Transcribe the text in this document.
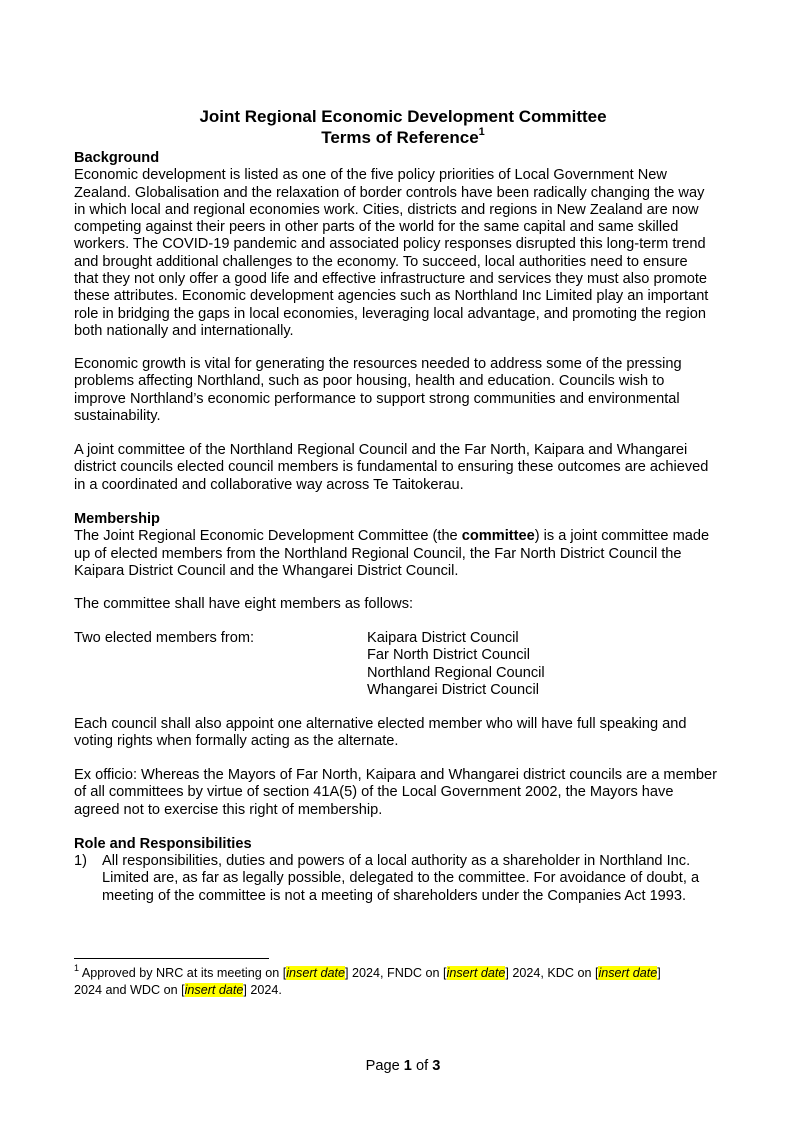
Joint Regional Economic Development Committee
Terms of Reference$^1$

Background

Economic development is listed as one of the five policy priorities of Local Government New

Zealand. Globalisation and the relaxation of border controls have been radically changing the way

in which local and regional economies work. Cities, districts and regions in New Zealand are now

competing against their peers in other parts of the world for the same capital and same skilled

workers. The COVID-19 pandemic and associated policy responses disrupted this long-term trend

and brought additional challenges to the economy. To succeed, local authorities need to ensure

that they not only offer a good life and effective infrastructure and services they must also promote

these attributes. Economic development agencies such as Northland Inc Limited play an important

role in bridging the gaps in local economies, leveraging local advantage, and promoting the region

both nationally and internationally.

Economic growth is vital for generating the resources needed to address some of the pressing

problems affecting Northland, such as poor housing, health and education. Councils wish to

improve Northland’s economic performance to support strong communities and environmental

sustainability.

A joint committee of the Northland Regional Council and the Far North, Kaipara and Whangarei

district councils elected council members is fundamental to ensuring these outcomes are achieved

in a coordinated and collaborative way across Te Taitokerau.

Membership

The Joint Regional Economic Development Committee (the committee) is a joint committee made

up of elected members from the Northland Regional Council, the Far North District Council the

Kaipara District Council and the Whangarei District Council.

The committee shall have eight members as follows:
Two elected members from:	Kaipara District Council

Far North District Council

Northland Regional Council

Whangarei District Council

Each council shall also appoint one alternative elected member who will have full speaking and

voting rights when formally acting as the alternate.

Ex officio: Whereas the Mayors of Far North, Kaipara and Whangarei district councils are a member

of all committees by virtue of section 41A(5) of the Local Government 2002, the Mayors have

agreed not to exercise this right of membership.

Role and Responsibilities

1) All responsibilities, duties and powers of a local authority as a shareholder in Northland Inc.

Limited are, as far as legally possible, delegated to the committee. For avoidance of doubt, a

meeting of the committee is not a meeting of shareholders under the Companies Act 1993.

$^1$ Approved by NRC at its meeting on [insert date] 2024, FNDC on [insert date] 2024, KDC on [insert date]

2024 and WDC on [insert date] 2024.

Page 1 of 3
